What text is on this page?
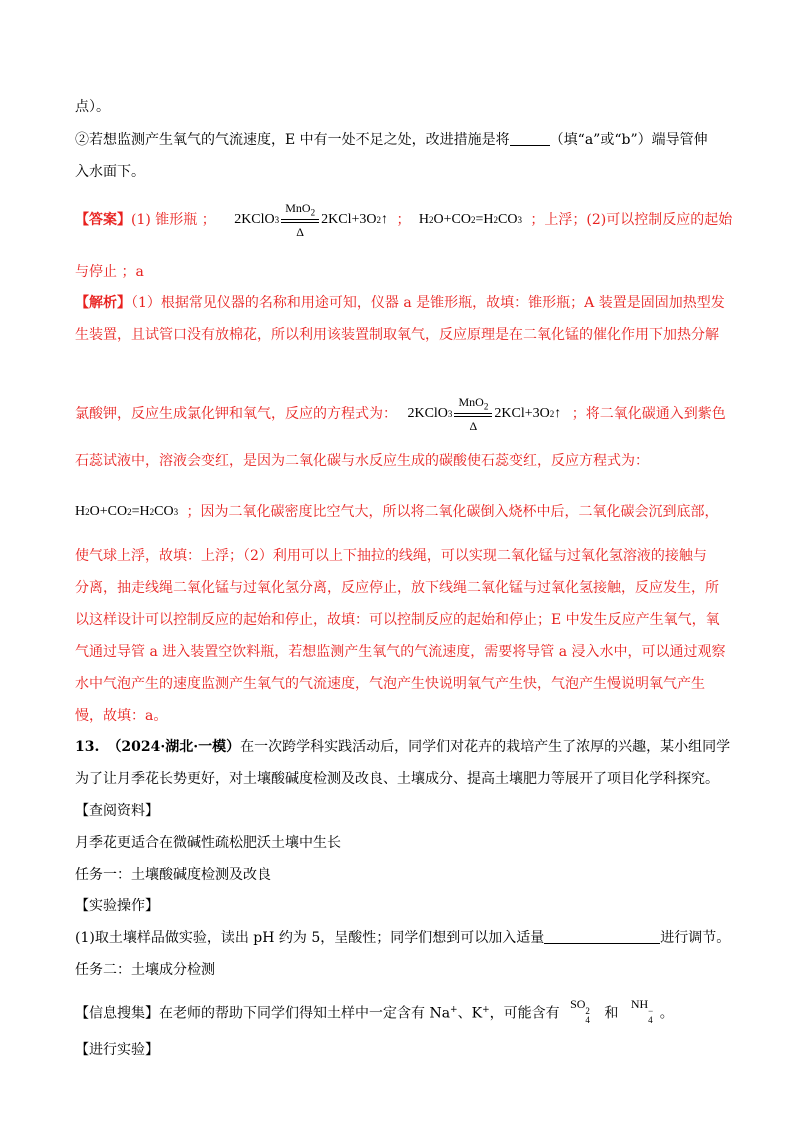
点）。
②若想监测产生氧气的气流速度，E 中有一处不足之处，改进措施是将	（填“a”或“b”）端导管伸
入水面下。
【答案】(1) 锥形瓶 ； 2KClO 3
MnO$_2$
Δ
2KCl+3O 2 ↑ ； H 2 O+CO 2 =H 2 CO 3 ；上浮；(2)可以控制反应的起始
与停止 ；a
【解析】（1）根据常见仪器的名称和用途可知，仪器 a 是锥形瓶，故填：锥形瓶；A 装置是固固加热型发
生装置，且试管口没有放棉花，所以利用该装置制取氧气，反应原理是在二氧化锰的催化作用下加热分解
氯酸钾，反应生成氯化钾和氧气，反应的方程式为： 2KClO 3
MnO$_2$
Δ
2KCl+3O 2 ↑ ；将二氧化碳通入到紫色
石蕊试液中，溶液会变红，是因为二氧化碳与水反应生成的碳酸使石蕊变红，反应方程式为：
H 2 O+CO 2 =H 2 CO 3 ；因为二氧化碳密度比空气大，所以将二氧化碳倒入烧杯中后，二氧化碳会沉到底部，
使气球上浮，故填：上浮；（2）利用可以上下抽拉的线绳，可以实现二氧化锰与过氧化氢溶液的接触与
分离，抽走线绳二氧化锰与过氧化氢分离，反应停止，放下线绳二氧化锰与过氧化氢接触，反应发生，所
以这样设计可以控制反应的起始和停止，故填：可以控制反应的起始和停止；E 中发生反应产生氧气，氧
气通过导管 a 进入装置空饮料瓶，若想监测产生氧气的气流速度，需要将导管 a 浸入水中，可以通过观察
水中气泡产生的速度监测产生氧气的气流速度，气泡产生快说明氧气产生快，气泡产生慢说明氧气产生
慢，故填：a。
13. （2024·湖北·一模）在一次跨学科实践活动后，同学们对花卉的栽培产生了浓厚的兴趣，某小组同学
为了让月季花长势更好，对土壤酸碱度检测及改良、土壤成分、提高土壤肥力等展开了项目化学科探究。
【查阅资料】
月季花更适合在微碱性疏松肥沃土壤中生长
任务一：土壤酸碱度检测及改良
【实验操作】
(1)取土壤样品做实验，读出 pH 约为 5，呈酸性；同学们想到可以加入适量	进行调节。
任务二：土壤成分检测
【信息搜集】在老师的帮助下同学们得知土样中一定含有 Na+、K+，可能含有 SO 2
4 和 NH −
4 。
【进行实验】
